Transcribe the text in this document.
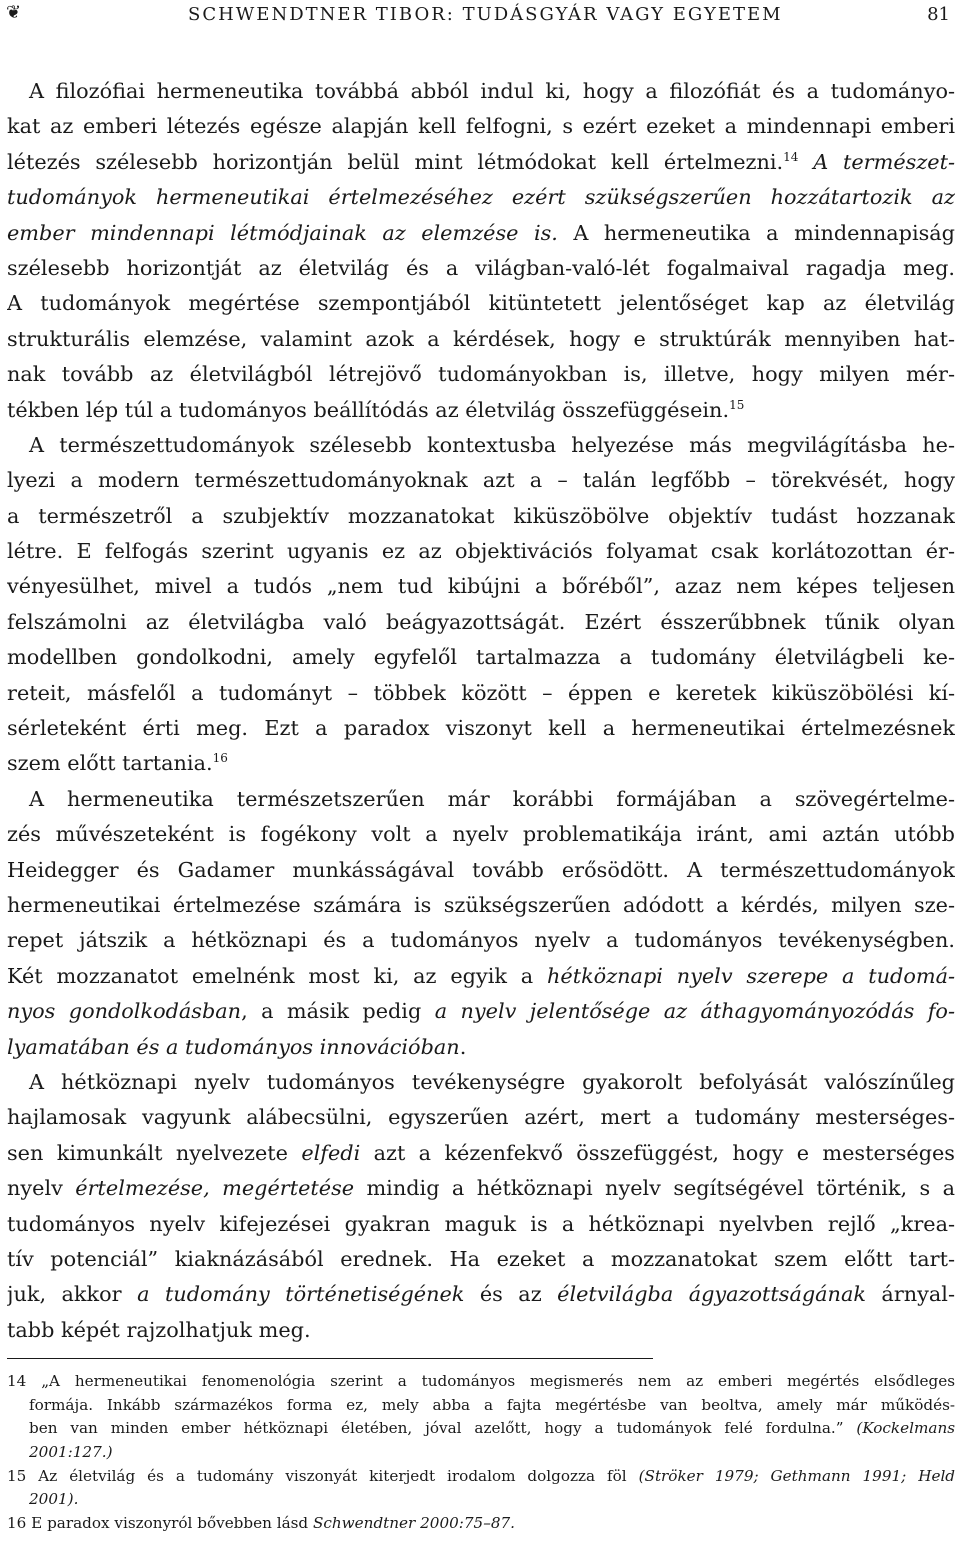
❦	SCHWENDTNER TIBOR: TUDÁSGYÁR VAGY EGYETEM	81
A filozófiai hermeneutika továbbá abból indul ki, hogy a filozófiát és a tudományo-
kat az emberi létezés egésze alapján kell felfogni, s ezért ezeket a mindennapi emberi
létezés szélesebb horizontján belül mint létmódokat kell értelmezni.$^{14}$ A természet-
tudományok hermeneutikai értelmezéséhez ezért szükségszerűen hozzátartozik az
ember mindennapi létmódjainak az elemzése is. A hermeneutika a mindennapiság
szélesebb horizontját az életvilág és a világban-való-lét fogalmaival ragadja meg.
A tudományok megértése szempontjából kitüntetett jelentőséget kap az életvilág
strukturális elemzése, valamint azok a kérdések, hogy e struktúrák mennyiben hat-
nak tovább az életvilágból létrejövő tudományokban is, illetve, hogy milyen mér-
tékben lép túl a tudományos beállítódás az életvilág összefüggésein.$^{15}$
A természettudományok szélesebb kontextusba helyezése más megvilágításba he-
lyezi a modern természettudományoknak azt a – talán legfőbb – törekvését, hogy
a természetről a szubjektív mozzanatokat kiküszöbölve objektív tudást hozzanak
létre. E felfogás szerint ugyanis ez az objektivációs folyamat csak korlátozottan ér-
vényesülhet, mivel a tudós „nem tud kibújni a bőréből”, azaz nem képes teljesen
felszámolni az életvilágba való beágyazottságát. Ezért ésszerűbbnek tűnik olyan
modellben gondolkodni, amely egyfelől tartalmazza a tudomány életvilágbeli ke-
reteit, másfelől a tudományt – többek között – éppen e keretek kiküszöbölési kí-
sérleteként érti meg. Ezt a paradox viszonyt kell a hermeneutikai értelmezésnek
szem előtt tartania.$^{16}$
A hermeneutika természetszerűen már korábbi formájában a szövegértelme-
zés művészeteként is fogékony volt a nyelv problematikája iránt, ami aztán utóbb
Heidegger és Gadamer munkásságával tovább erősödött. A természettudományok
hermeneutikai értelmezése számára is szükségszerűen adódott a kérdés, milyen sze-
repet játszik a hétköznapi és a tudományos nyelv a tudományos tevékenységben.
Két mozzanatot emelnénk most ki, az egyik a hétköznapi nyelv szerepe a tudomá-
nyos gondolkodásban, a másik pedig a nyelv jelentősége az áthagyományozódás fo-
lyamatában és a tudományos innovációban.
A hétköznapi nyelv tudományos tevékenységre gyakorolt befolyását valószínűleg
hajlamosak vagyunk alábecsülni, egyszerűen azért, mert a tudomány mesterséges-
sen kimunkált nyelvezete elfedi azt a kézenfekvő összefüggést, hogy e mesterséges
nyelv értelmezése, megértetése mindig a hétköznapi nyelv segítségével történik, s a
tudományos nyelv kifejezései gyakran maguk is a hétköznapi nyelvben rejlő „krea-
tív potenciál” kiaknázásából erednek. Ha ezeket a mozzanatokat szem előtt tart-
juk, akkor a tudomány történetiségének és az életvilágba ágyazottságának árnyal-
tabb képét rajzolhatjuk meg.
14 „A hermeneutikai fenomenológia szerint a tudományos megismerés nem az emberi megértés elsődleges
formája. Inkább származékos forma ez, mely abba a fajta megértésbe van beoltva, amely már működés-
ben van minden ember hétköznapi életében, jóval azelőtt, hogy a tudományok felé fordulna.” (Kockelmans
2001:127.)
15 Az életvilág és a tudomány viszonyát kiterjedt irodalom dolgozza föl (Ströker 1979; Gethmann 1991; Held
2001).
16 E paradox viszonyról bővebben lásd Schwendtner 2000:75–87.
